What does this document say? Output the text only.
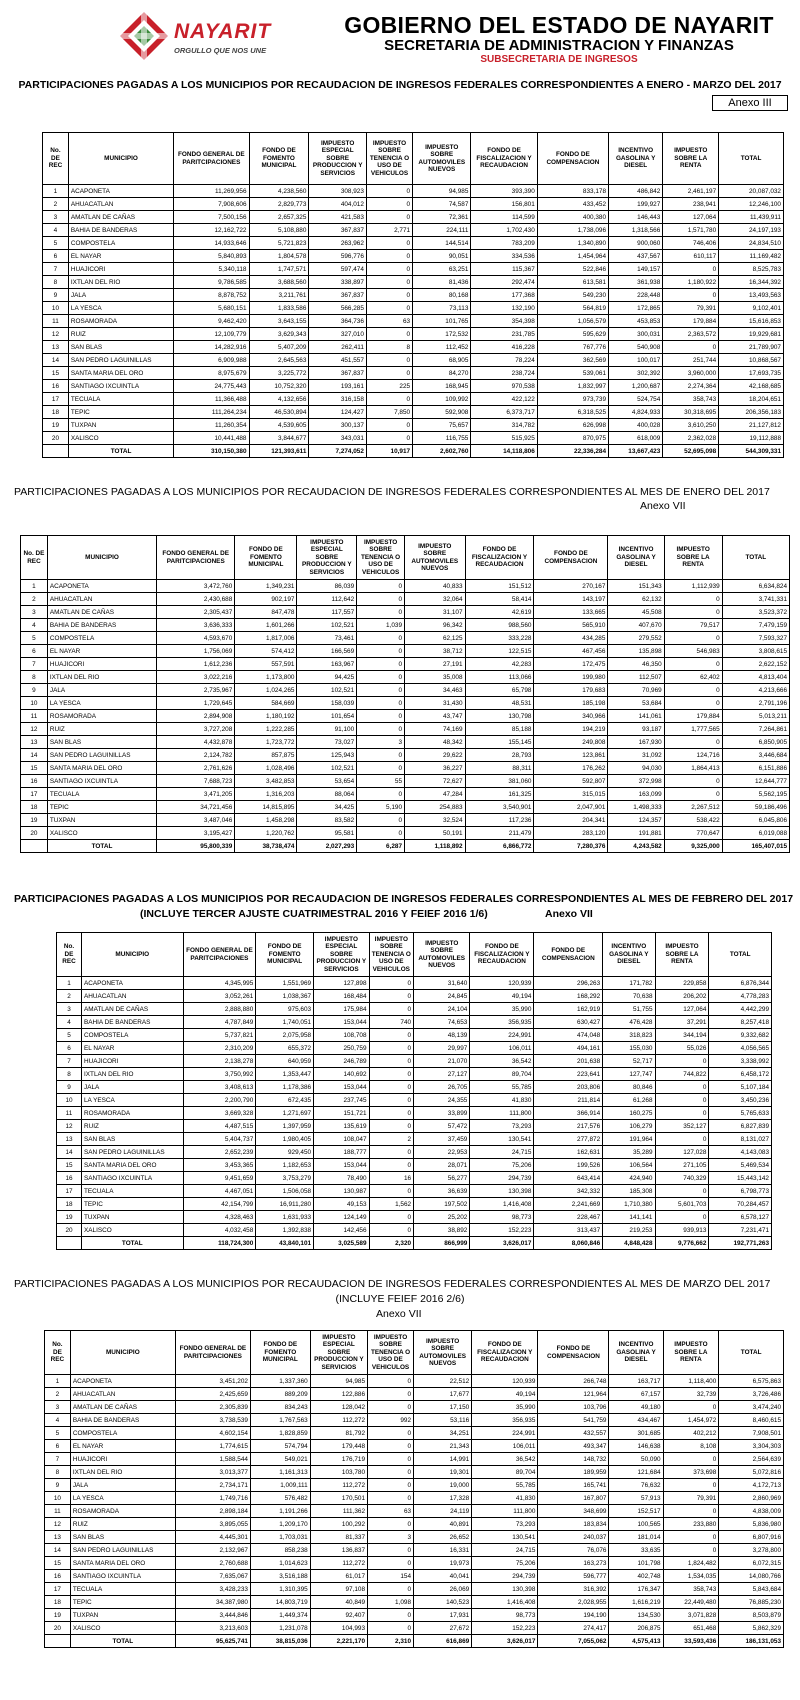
NAYARIT
ORGULLO QUE NOS UNE
GOBIERNO DEL ESTADO DE NAYARIT
SECRETARIA DE ADMINISTRACION Y FINANZAS
SUBSECRETARIA DE INGRESOS
PARTICIPACIONES PAGADAS A LOS MUNICIPIOS POR RECAUDACION DE INGRESOS FEDERALES CORRESPONDIENTES A ENERO - MARZO DEL 2017
Anexo III
No. DE REC	MUNICIPIO	FONDO GENERAL DE PARITCIPACIONES	FONDO DE FOMENTO MUNICIPAL	IMPUESTO ESPECIAL SOBRE PRODUCCION Y SERVICIOS	IMPUESTO SOBRE TENENCIA O USO DE VEHICULOS	IMPUESTO SOBRE AUTOMOVILES NUEVOS	FONDO DE FISCALIZACION Y RECAUDACION	FONDO DE COMPENSACION	INCENTIVO GASOLINA Y DIESEL	IMPUESTO SOBRE LA RENTA	TOTAL
1	ACAPONETA	11,269,956	4,238,560	308,923	0	94,985	393,390	833,178	486,842	2,461,197	20,087,032
2	AHUACATLAN	7,908,606	2,829,773	404,012	0	74,587	156,801	433,452	199,927	238,941	12,246,100
3	AMATLAN DE CAÑAS	7,500,156	2,657,325	421,583	0	72,361	114,599	400,380	146,443	127,064	11,439,911
4	BAHIA DE BANDERAS	12,162,722	5,108,880	367,837	2,771	224,111	1,702,430	1,738,096	1,318,566	1,571,780	24,197,193
5	COMPOSTELA	14,933,646	5,721,823	263,962	0	144,514	783,209	1,340,890	900,060	746,406	24,834,510
6	EL NAYAR	5,840,893	1,804,578	596,776	0	90,051	334,536	1,454,964	437,567	610,117	11,169,482
7	HUAJICORI	5,340,118	1,747,571	597,474	0	63,251	115,367	522,846	149,157	0	8,525,783
8	IXTLAN DEL RIO	9,786,585	3,688,560	338,897	0	81,436	292,474	613,581	361,938	1,180,922	16,344,392
9	JALA	8,878,752	3,211,761	367,837	0	80,168	177,368	549,230	228,448	0	13,493,563
10	LA YESCA	5,680,151	1,833,586	566,285	0	73,113	132,190	564,819	172,865	79,391	9,102,401
11	ROSAMORADA	9,462,420	3,643,155	364,736	63	101,765	354,398	1,056,579	453,853	179,884	15,616,853
12	RUIZ	12,109,779	3,629,343	327,010	0	172,532	231,785	595,629	300,031	2,363,572	19,929,681
13	SAN BLAS	14,282,916	5,407,209	262,411	8	112,452	416,228	767,776	540,908	0	21,789,907
14	SAN PEDRO LAGUINILLAS	6,909,988	2,645,563	451,557	0	68,905	78,224	362,569	100,017	251,744	10,868,567
15	SANTA MARIA DEL ORO	8,975,679	3,225,772	367,837	0	84,270	238,724	539,061	302,392	3,960,000	17,693,735
16	SANTIAGO IXCUINTLA	24,775,443	10,752,320	193,161	225	168,945	970,538	1,832,997	1,200,687	2,274,364	42,168,685
17	TECUALA	11,366,488	4,132,656	316,158	0	109,992	422,122	973,739	524,754	358,743	18,204,651
18	TEPIC	111,264,234	46,530,894	124,427	7,850	592,908	6,373,717	6,318,525	4,824,933	30,318,695	206,356,183
19	TUXPAN	11,260,354	4,539,605	300,137	0	75,657	314,782	626,998	400,028	3,610,250	21,127,812
20	XALISCO	10,441,488	3,844,677	343,031	0	116,755	515,925	870,975	618,009	2,362,028	19,112,888
	TOTAL	310,150,380	121,393,611	7,274,052	10,917	2,602,760	14,118,806	22,336,284	13,667,423	52,695,098	544,309,331
PARTICIPACIONES PAGADAS A LOS MUNICIPIOS POR RECAUDACION DE INGRESOS FEDERALES CORRESPONDIENTES AL MES DE ENERO DEL 2017
Anexo VII
No. DE REC	MUNICIPIO	FONDO GENERAL DE PARITCIPACIONES	FONDO DE FOMENTO MUNICIPAL	IMPUESTO ESPECIAL SOBRE PRODUCCION Y SERVICIOS	IMPUESTO SOBRE TENENCIA O USO DE VEHICULOS	IMPUESTO SOBRE AUTOMOVILES NUEVOS	FONDO DE FISCALIZACION Y RECAUDACION	FONDO DE COMPENSACION	INCENTIVO GASOLINA Y DIESEL	IMPUESTO SOBRE LA RENTA	TOTAL
1	ACAPONETA	3,472,760	1,349,231	86,039	0	40,833	151,512	270,167	151,343	1,112,939	6,634,824
2	AHUACATLAN	2,430,688	902,197	112,642	0	32,064	58,414	143,197	62,132	0	3,741,331
3	AMATLAN DE CAÑAS	2,305,437	847,478	117,557	0	31,107	42,619	133,665	45,508	0	3,523,372
4	BAHIA DE BANDERAS	3,636,333	1,601,266	102,521	1,039	96,342	988,560	565,910	407,670	79,517	7,479,159
5	COMPOSTELA	4,593,670	1,817,006	73,461	0	62,125	333,228	434,285	279,552	0	7,593,327
6	EL NAYAR	1,756,069	574,412	166,569	0	38,712	122,515	467,456	135,898	546,983	3,808,615
7	HUAJICORI	1,612,236	557,591	163,967	0	27,191	42,283	172,475	46,350	0	2,622,152
8	IXTLAN DEL RIO	3,022,216	1,173,800	94,425	0	35,008	113,066	199,980	112,507	62,402	4,813,404
9	JALA	2,735,967	1,024,265	102,521	0	34,463	65,798	179,683	70,969	0	4,213,666
10	LA YESCA	1,729,645	584,669	158,039	0	31,430	48,531	185,198	53,684	0	2,791,196
11	ROSAMORADA	2,894,908	1,180,192	101,654	0	43,747	130,798	340,966	141,061	179,884	5,013,211
12	RUIZ	3,727,208	1,222,285	91,100	0	74,169	85,188	194,219	93,187	1,777,565	7,264,861
13	SAN BLAS	4,432,878	1,723,772	73,027	3	48,342	155,145	249,808	167,930	0	6,850,905
14	SAN PEDRO LAGUINILLAS	2,124,782	857,875	125,943	0	29,622	28,793	123,861	31,092	124,716	3,446,684
15	SANTA MARIA DEL ORO	2,761,626	1,028,496	102,521	0	36,227	88,311	176,262	94,030	1,864,413	6,151,886
16	SANTIAGO IXCUINTLA	7,688,723	3,482,853	53,654	55	72,627	381,060	592,807	372,998	0	12,644,777
17	TECUALA	3,471,205	1,316,203	88,064	0	47,284	161,325	315,015	163,099	0	5,562,195
18	TEPIC	34,721,456	14,815,895	34,425	5,190	254,883	3,540,901	2,047,901	1,498,333	2,267,512	59,186,496
19	TUXPAN	3,487,046	1,458,298	83,582	0	32,524	117,236	204,341	124,357	538,422	6,045,806
20	XALISCO	3,195,427	1,220,762	95,581	0	50,191	211,479	283,120	191,881	770,647	6,019,088
	TOTAL	95,800,339	38,738,474	2,027,293	6,287	1,118,892	6,866,772	7,280,376	4,243,582	9,325,000	165,407,015
PARTICIPACIONES PAGADAS A LOS MUNICIPIOS POR RECAUDACION DE INGRESOS FEDERALES CORRESPONDIENTES AL MES DE FEBRERO DEL 2017
(INCLUYE TERCER AJUSTE CUATRIMESTRAL 2016 Y FEIEF 2016 1/6)	Anexo VII
No. DE REC	MUNICIPIO	FONDO GENERAL DE PARITCIPACIONES	FONDO DE FOMENTO MUNICIPAL	IMPUESTO ESPECIAL SOBRE PRODUCCION Y SERVICIOS	IMPUESTO SOBRE TENENCIA O USO DE VEHICULOS	IMPUESTO SOBRE AUTOMOVILES NUEVOS	FONDO DE FISCALIZACION Y RECAUDACION	FONDO DE COMPENSACION	INCENTIVO GASOLINA Y DIESEL	IMPUESTO SOBRE LA RENTA	TOTAL
1	ACAPONETA	4,345,995	1,551,969	127,898	0	31,640	120,939	296,263	171,782	229,858	6,876,344
2	AHUACATLAN	3,052,261	1,038,367	168,484	0	24,845	49,194	168,292	70,638	206,202	4,778,283
3	AMATLAN DE CAÑAS	2,888,880	975,603	175,984	0	24,104	35,990	162,919	51,755	127,064	4,442,299
4	BAHIA DE BANDERAS	4,787,849	1,740,051	153,044	740	74,653	356,935	630,427	476,428	37,291	8,257,418
5	COMPOSTELA	5,737,821	2,075,958	108,708	0	48,139	224,991	474,048	318,823	344,194	9,332,682
6	EL NAYAR	2,310,209	655,372	250,759	0	29,997	106,011	494,161	155,030	55,026	4,056,565
7	HUAJICORI	2,138,278	640,959	246,789	0	21,070	36,542	201,638	52,717	0	3,338,992
8	IXTLAN DEL RIO	3,750,992	1,353,447	140,692	0	27,127	89,704	223,641	127,747	744,822	6,458,172
9	JALA	3,408,613	1,178,386	153,044	0	26,705	55,785	203,806	80,846	0	5,107,184
10	LA YESCA	2,200,790	672,435	237,745	0	24,355	41,830	211,814	61,268	0	3,450,236
11	ROSAMORADA	3,669,328	1,271,697	151,721	0	33,899	111,800	366,914	160,275	0	5,765,633
12	RUIZ	4,487,515	1,397,959	135,619	0	57,472	73,293	217,576	106,279	352,127	6,827,839
13	SAN BLAS	5,404,737	1,980,405	108,047	2	37,459	130,541	277,872	191,964	0	8,131,027
14	SAN PEDRO LAGUINILLAS	2,652,239	929,450	188,777	0	22,953	24,715	162,631	35,289	127,028	4,143,083
15	SANTA MARIA DEL ORO	3,453,365	1,182,653	153,044	0	28,071	75,206	199,526	106,564	271,105	5,469,534
16	SANTIAGO IXCUINTLA	9,451,659	3,753,279	78,490	16	56,277	294,739	643,414	424,940	740,329	15,443,142
17	TECUALA	4,467,051	1,506,058	130,987	0	36,639	130,398	342,332	185,308	0	6,798,773
18	TEPIC	42,154,799	16,911,280	49,153	1,562	197,502	1,416,408	2,241,669	1,710,380	5,601,703	70,284,457
19	TUXPAN	4,328,463	1,631,933	124,149	0	25,202	98,773	228,467	141,141	0	6,578,127
20	XALISCO	4,032,458	1,392,838	142,456	0	38,892	152,223	313,437	219,253	939,913	7,231,471
	TOTAL	118,724,300	43,840,101	3,025,589	2,320	866,999	3,626,017	8,060,846	4,848,428	9,776,662	192,771,263
PARTICIPACIONES PAGADAS A LOS MUNICIPIOS POR RECAUDACION DE INGRESOS FEDERALES CORRESPONDIENTES AL MES DE MARZO DEL 2017
(INCLUYE FEIEF 2016 2/6)
Anexo VII
No. DE REC	MUNICIPIO	FONDO GENERAL DE PARITCIPACIONES	FONDO DE FOMENTO MUNICIPAL	IMPUESTO ESPECIAL SOBRE PRODUCCION Y SERVICIOS	IMPUESTO SOBRE TENENCIA O USO DE VEHICULOS	IMPUESTO SOBRE AUTOMOVILES NUEVOS	FONDO DE FISCALIZACION Y RECAUDACION	FONDO DE COMPENSACION	INCENTIVO GASOLINA Y DIESEL	IMPUESTO SOBRE LA RENTA	TOTAL
1	ACAPONETA	3,451,202	1,337,360	94,985	0	22,512	120,939	266,748	163,717	1,118,400	6,575,863
2	AHUACATLAN	2,425,659	889,209	122,886	0	17,677	49,194	121,964	67,157	32,739	3,726,486
3	AMATLAN DE CAÑAS	2,305,839	834,243	128,042	0	17,150	35,990	103,796	49,180	0	3,474,240
4	BAHIA DE BANDERAS	3,738,539	1,767,563	112,272	992	53,116	356,935	541,759	434,467	1,454,972	8,460,615
5	COMPOSTELA	4,602,154	1,828,859	81,792	0	34,251	224,991	432,557	301,685	402,212	7,908,501
6	EL NAYAR	1,774,615	574,794	179,448	0	21,343	106,011	493,347	146,638	8,108	3,304,303
7	HUAJICORI	1,588,544	549,021	176,719	0	14,991	36,542	148,732	50,090	0	2,564,639
8	IXTLAN DEL RIO	3,013,377	1,161,313	103,780	0	19,301	89,704	189,959	121,684	373,698	5,072,816
9	JALA	2,734,171	1,009,111	112,272	0	19,000	55,785	165,741	76,632	0	4,172,713
10	LA YESCA	1,749,716	576,482	170,501	0	17,328	41,830	167,807	57,913	79,391	2,860,969
11	ROSAMORADA	2,898,184	1,191,266	111,362	63	24,119	111,800	348,699	152,517	0	4,838,009
12	RUIZ	3,895,055	1,209,170	100,292	0	40,891	73,293	183,834	100,565	233,880	5,836,980
13	SAN BLAS	4,445,301	1,703,031	81,337	3	26,652	130,541	240,037	181,014	0	6,807,916
14	SAN PEDRO LAGUINILLAS	2,132,967	858,238	136,837	0	16,331	24,715	76,076	33,635	0	3,278,800
15	SANTA MARIA DEL ORO	2,760,688	1,014,623	112,272	0	19,973	75,206	163,273	101,798	1,824,482	6,072,315
16	SANTIAGO IXCUINTLA	7,635,067	3,516,188	61,017	154	40,041	294,739	596,777	402,748	1,534,035	14,080,766
17	TECUALA	3,428,233	1,310,395	97,108	0	26,069	130,398	316,392	176,347	358,743	5,843,684
18	TEPIC	34,387,980	14,803,719	40,849	1,098	140,523	1,416,408	2,028,955	1,616,219	22,449,480	76,885,230
19	TUXPAN	3,444,846	1,449,374	92,407	0	17,931	98,773	194,190	134,530	3,071,828	8,503,879
20	XALISCO	3,213,603	1,231,078	104,993	0	27,672	152,223	274,417	206,875	651,468	5,862,329
	TOTAL	95,625,741	38,815,036	2,221,170	2,310	616,869	3,626,017	7,055,062	4,575,413	33,593,436	186,131,053
